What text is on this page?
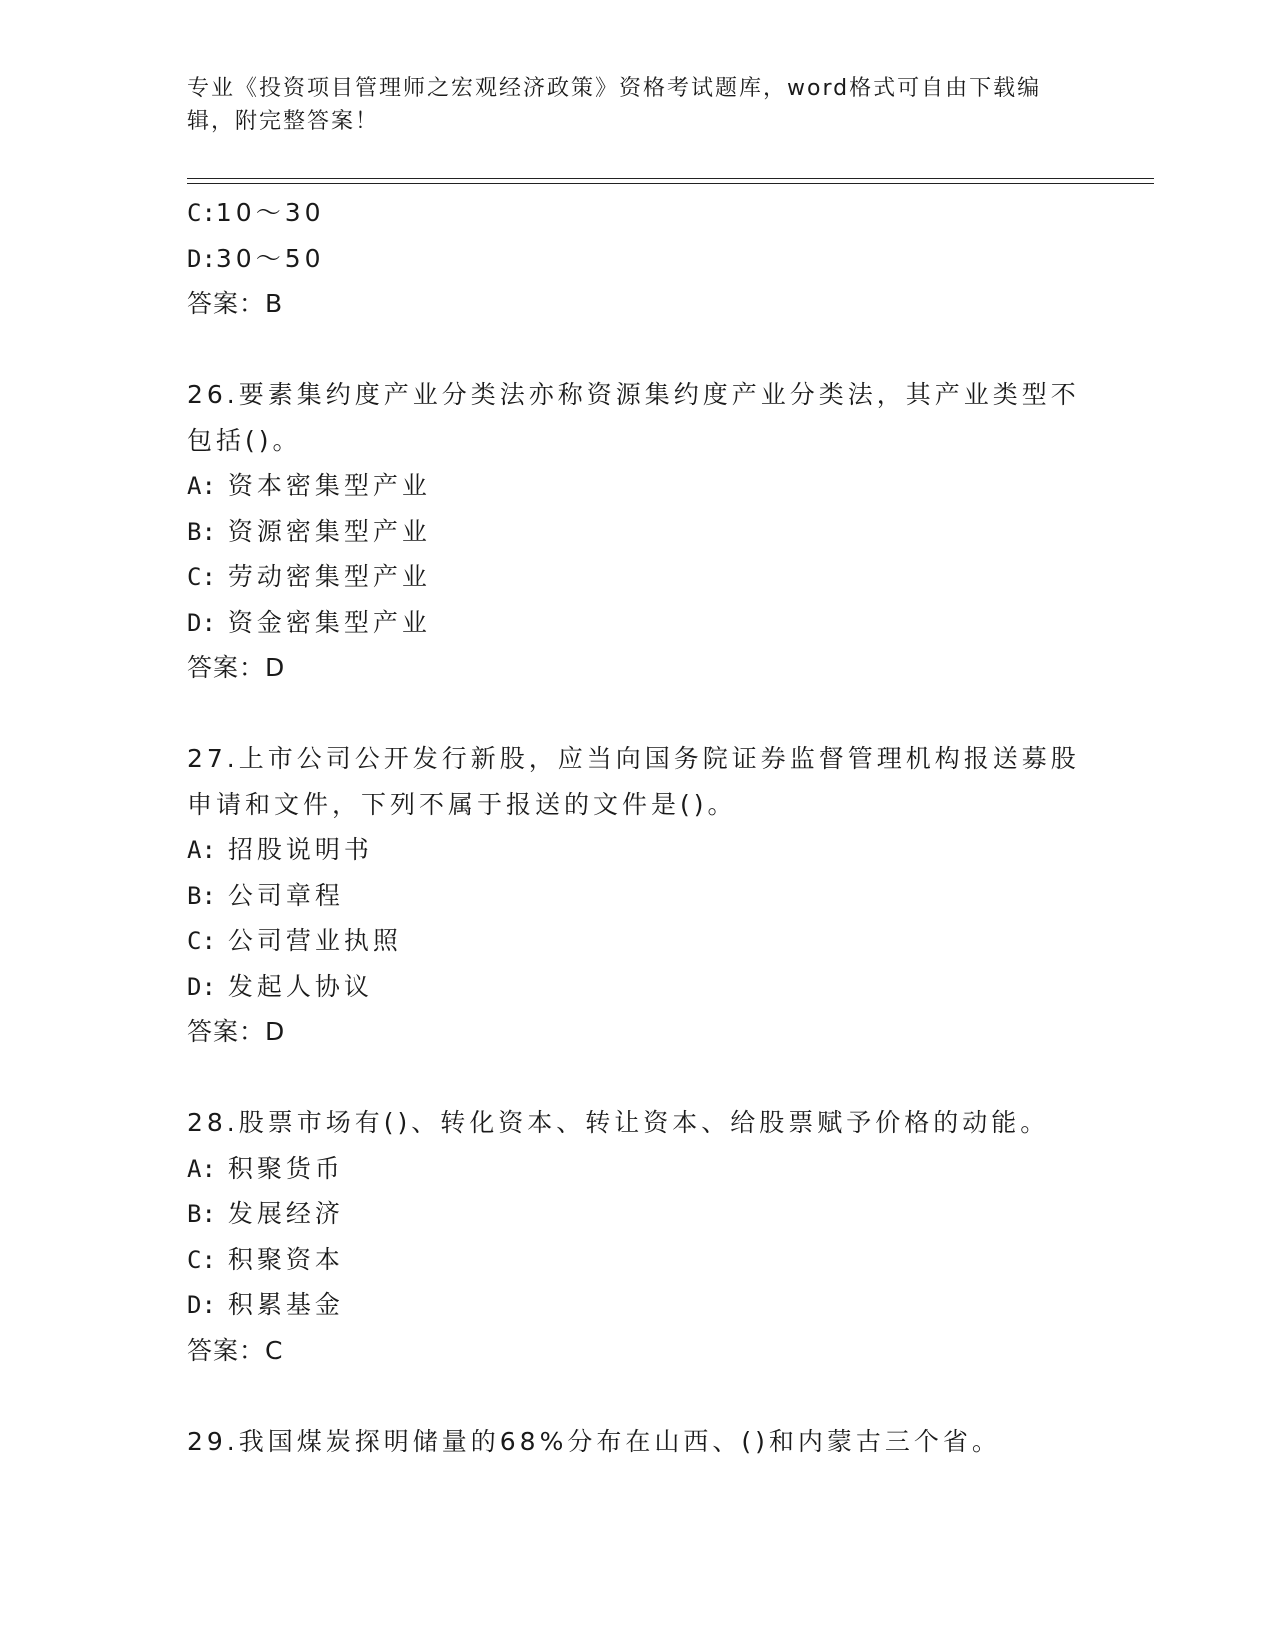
专业《投资项目管理师之宏观经济政策》资格考试题库，word格式可自由下载编
辑，附完整答案！
C:10～30
D:30～50
答案：B
26.要素集约度产业分类法亦称资源集约度产业分类法，其产业类型不
包括()。
A: 资本密集型产业
B: 资源密集型产业
C: 劳动密集型产业
D: 资金密集型产业
答案：D
27.上市公司公开发行新股，应当向国务院证券监督管理机构报送募股
申请和文件，下列不属于报送的文件是()。
A: 招股说明书
B: 公司章程
C: 公司营业执照
D: 发起人协议
答案：D
28.股票市场有()、转化资本、转让资本、给股票赋予价格的动能。
A: 积聚货币
B: 发展经济
C: 积聚资本
D: 积累基金
答案：C
29.我国煤炭探明储量的68%分布在山西、()和内蒙古三个省。
